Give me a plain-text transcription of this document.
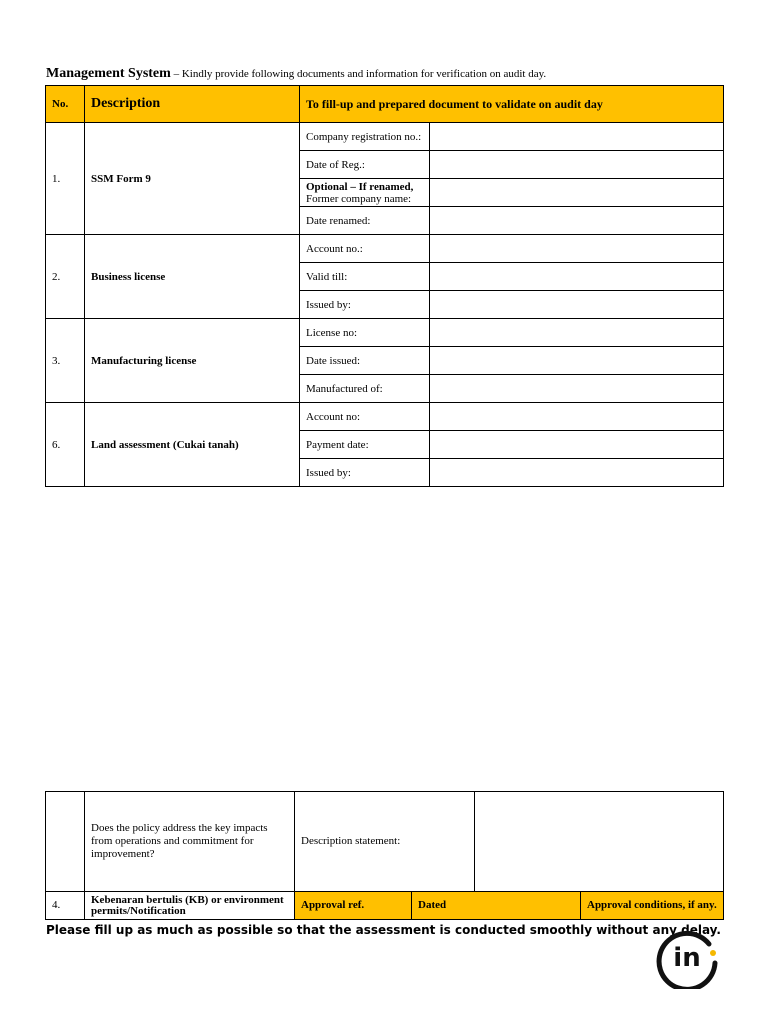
Management System – Kindly provide following documents and information for verification on audit day.
No.	Description	To fill-up and prepared document to validate on audit day	
1.	SSM Form 9	Company registration no.:	
		Date of Reg.:	
		Optional – If renamed,
Former company name:	
		Date renamed:	
2.	Business license	Account no.:	
		Valid till:	
		Issued by:	
3.	Manufacturing license	License no:	
		Date issued:	
		Manufactured of:	
6.	Land assessment (Cukai tanah)	Account no:	
		Payment date:	
		Issued by:	
	Does the policy address the key impacts from operations and commitment for improvement?	Description statement:			
4.	Kebenaran bertulis (KB) or environment permits/Notification	Approval ref.	Dated		Approval conditions, if any.
Please fill up as much as possible so that the assessment is conducted smoothly without any delay.
in
